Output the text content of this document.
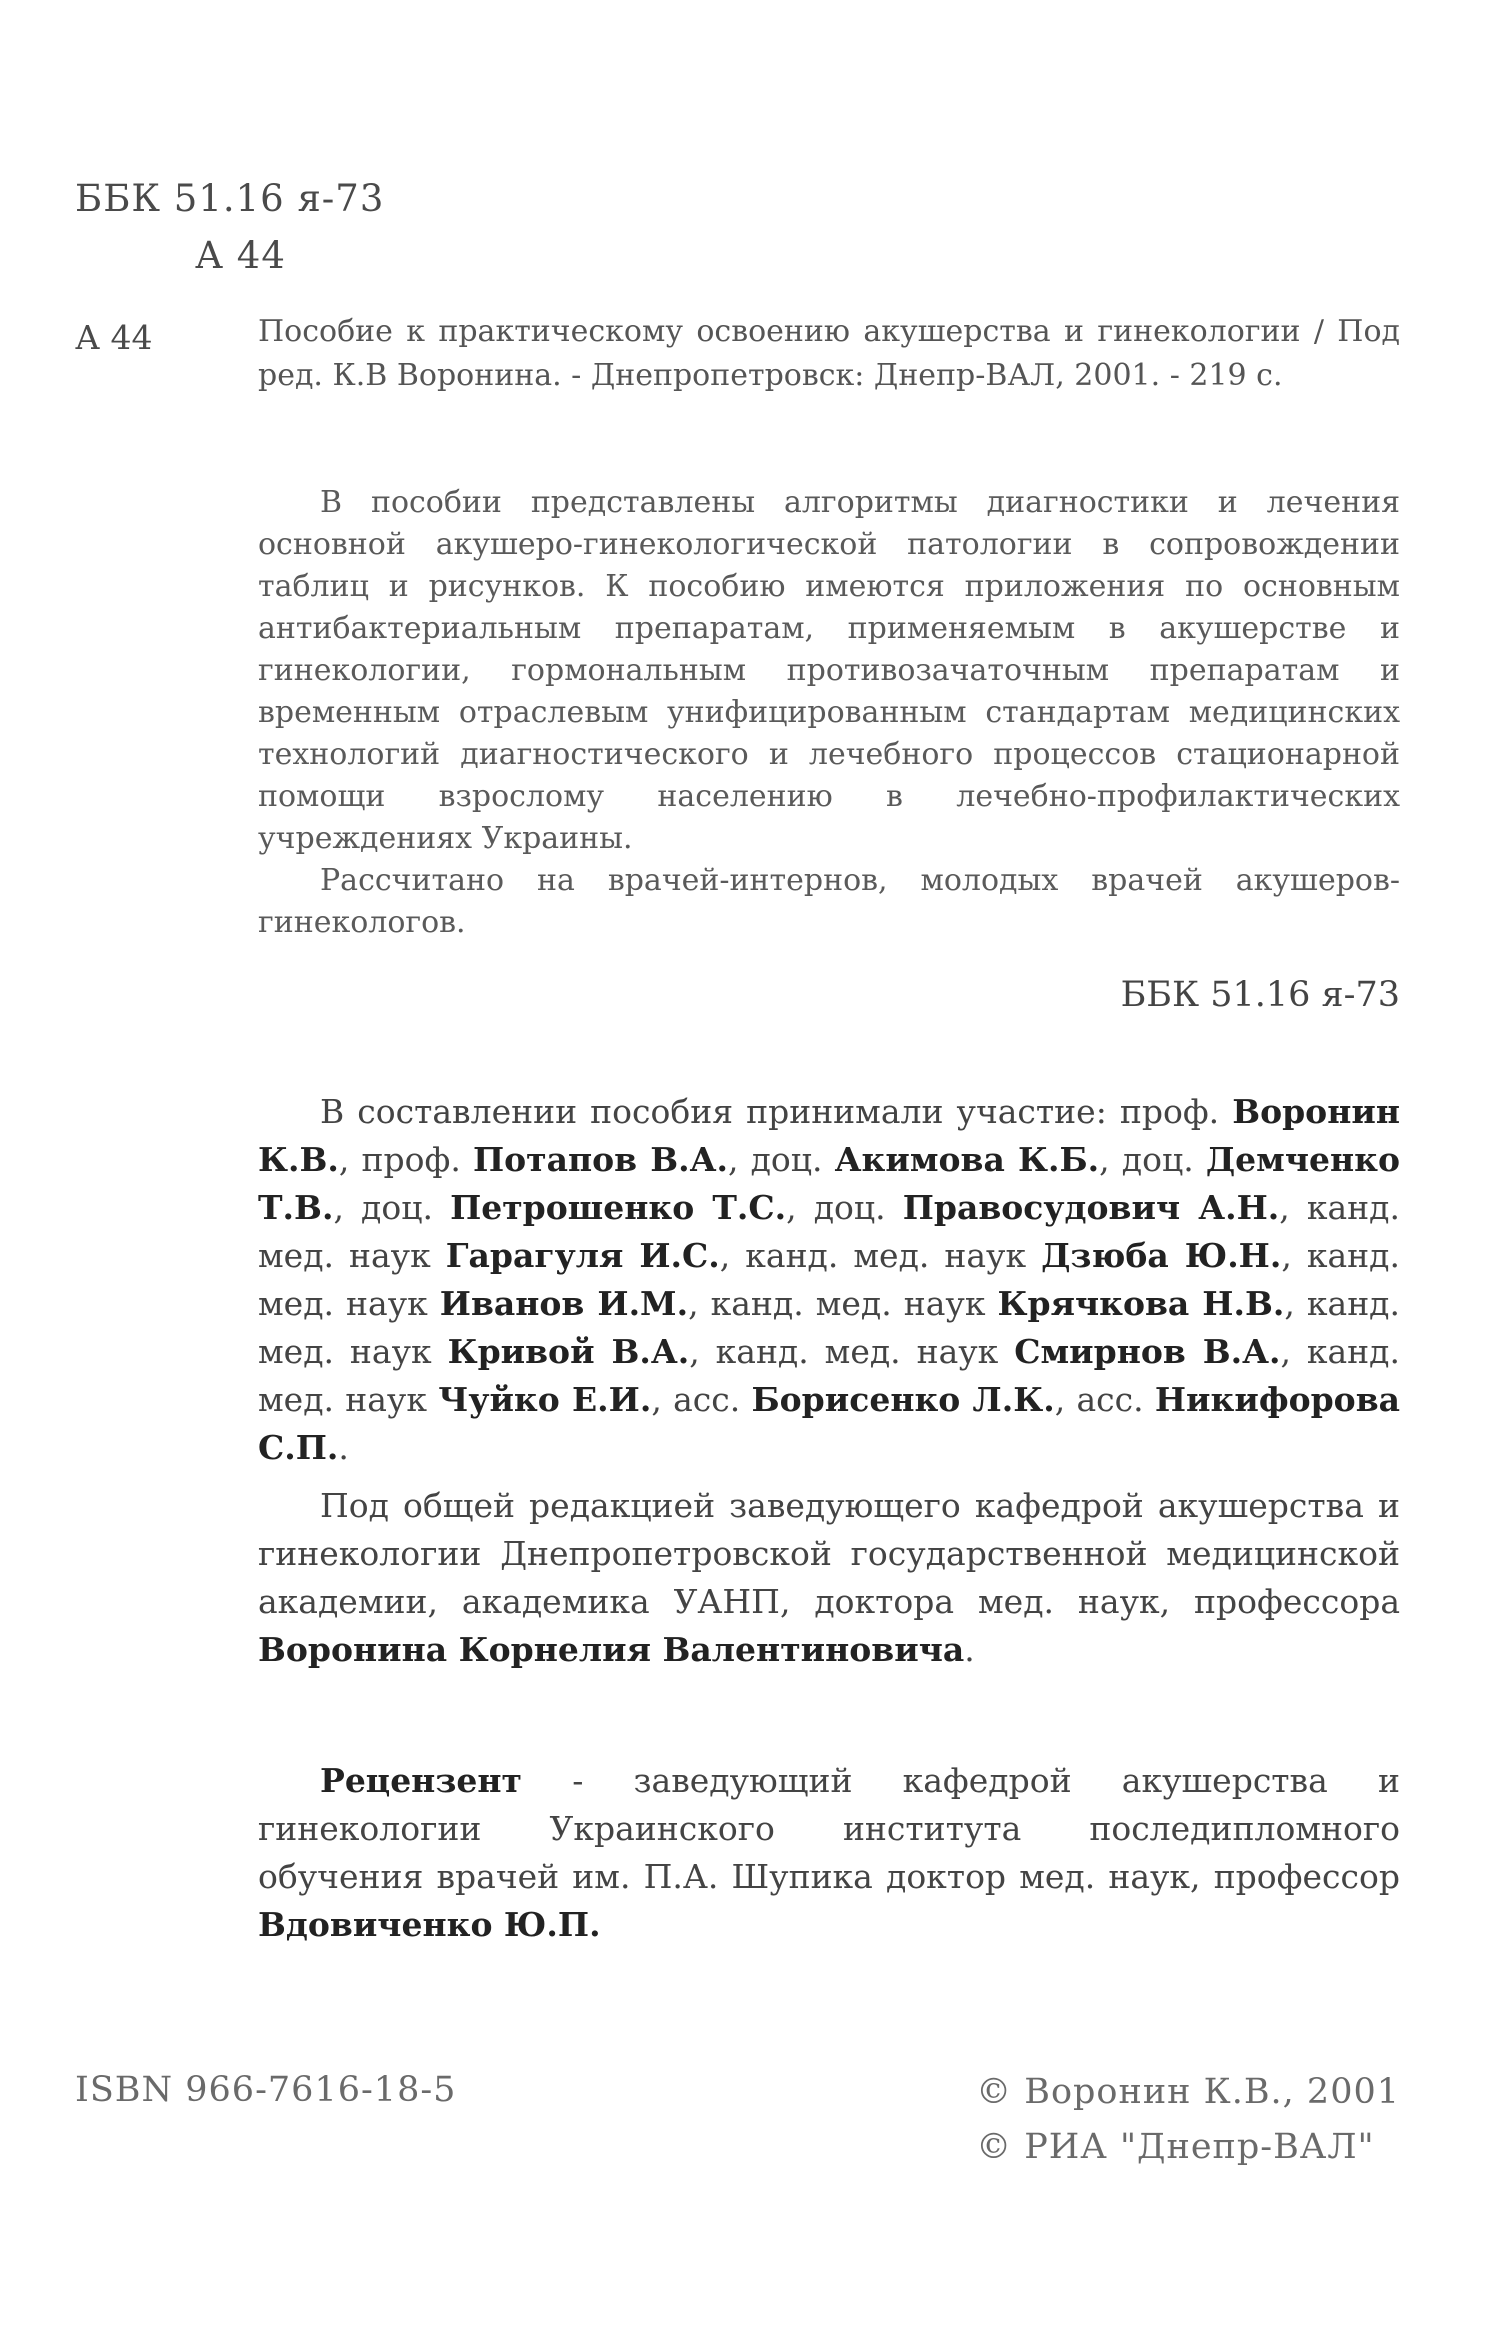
ББК 51.16 я-73
А 44
А 44	Пособие к практическому освоению акушерства и гинекологии / Под ред. К.В Воронина. - Днепропетровск: Днепр-ВАЛ, 2001. - 219 с.

В пособии представлены алгоритмы диагностики и лечения основной акушеро-гинекологической патологии в сопровождении таблиц и рисунков. К пособию имеются приложения по основным антибактериальным препаратам, применяемым в акушерстве и гинекологии, гормональным противозачаточным препаратам и временным отраслевым унифицированным стандартам медицинских технологий диагностического и лечебного процессов стационарной помощи взрослому населению в лечебно-профилактических учреждениях Украины.

Рассчитано на врачей-интернов, молодых врачей акушеров-гинекологов.

ББК 51.16 я-73

В составлении пособия принимали участие: проф. Воронин К.В., проф. Потапов В.А., доц. Акимова К.Б., доц. Демченко Т.В., доц. Петрошенко Т.С., доц. Правосудович А.Н., канд. мед. наук Гарагуля И.С., канд. мед. наук Дзюба Ю.Н., канд. мед. наук Иванов И.М., канд. мед. наук Крячкова Н.В., канд. мед. наук Кривой В.А., канд. мед. наук Смирнов В.А., канд. мед. наук Чуйко Е.И., асс. Борисенко Л.К., асс. Никифорова С.П..

Под общей редакцией заведующего кафедрой акушерства и гинекологии Днепропетровской государственной медицинской академии, академика УАНП, доктора мед. наук, профессора Воронина Корнелия Валентиновича.

Рецензент - заведующий кафедрой акушерства и гинекологии Украинского института последипломного обучения врачей им. П.А. Шупика доктор мед. наук, профессор Вдовиченко Ю.П.

ISBN 966-7616-18-5	© Воронин К.В., 2001
© РИА "Днепр-ВАЛ"
